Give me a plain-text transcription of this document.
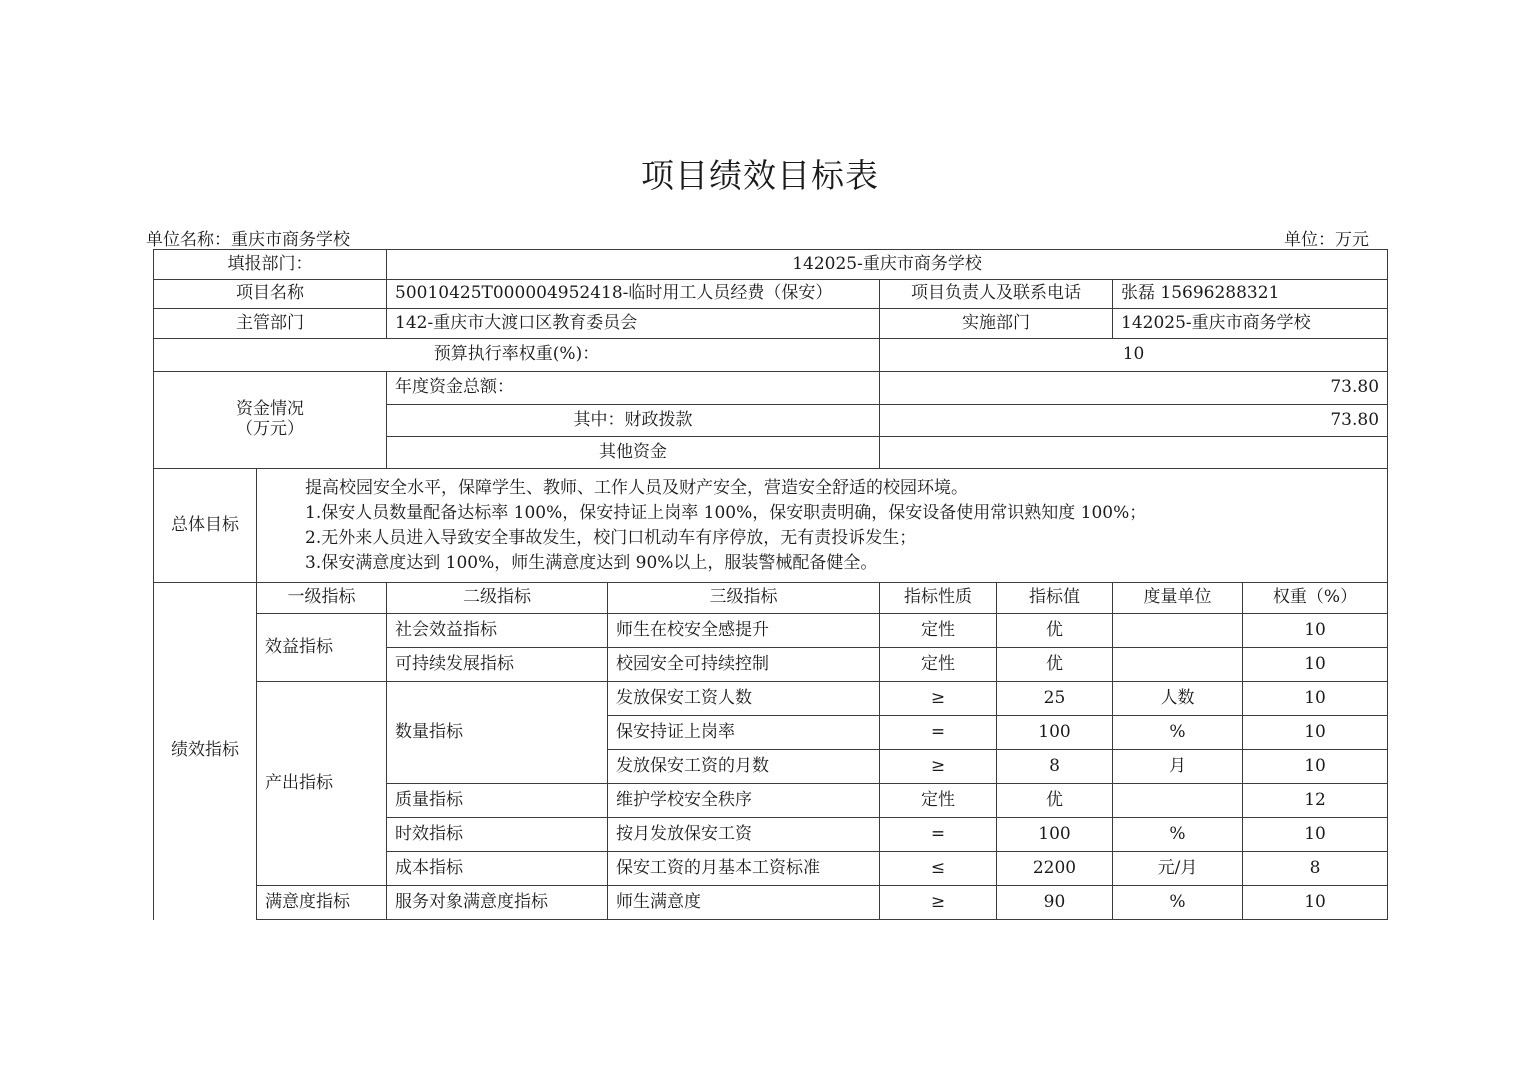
项目绩效目标表
单位名称：重庆市商务学校	单位：万元
填报部门：		142025-重庆市商务学校					
项目名称		50010425T000004952418-临时用工人员经费（保安）		项目负责人及联系电话		张磊 15696288321	
主管部门		142-重庆市大渡口区教育委员会		实施部门		142025-重庆市商务学校	
预算执行率权重(%)：				10			

资金情况
（万元）		年度资金总额：		73.80			
		其中：财政拨款		73.80			
		其他资金					
总体目标	提高校园安全水平，保障学生、教师、工作人员及财产安全，营造安全舒适的校园环境。
1.保安人员数量配备达标率 100%，保安持证上岗率 100%，保安职责明确，保安设备使用常识熟知度 100%；
2.无外来人员进入导致安全事故发生，校门口机动车有序停放，无有责投诉发生；
3.保安满意度达到 100%，师生满意度达到 90%以上，服装警械配备健全。						

绩效指标	一级指标	二级指标	三级指标	指标性质	指标值	度量单位	权重（%）
	效益指标	社会效益指标	师生在校安全感提升	定性	优		10
		可持续发展指标	校园安全可持续控制	定性	优		10
	产出指标	数量指标	发放保安工资人数	≥	25	人数	10
			保安持证上岗率	=	100	%	10
			发放保安工资的月数	≥	8	月	10
		质量指标	维护学校安全秩序	定性	优		12
		时效指标	按月发放保安工资	=	100	%	10
		成本指标	保安工资的月基本工资标准	≤	2200	元/月	8
	满意度指标	服务对象满意度指标	师生满意度	≥	90	%	10
